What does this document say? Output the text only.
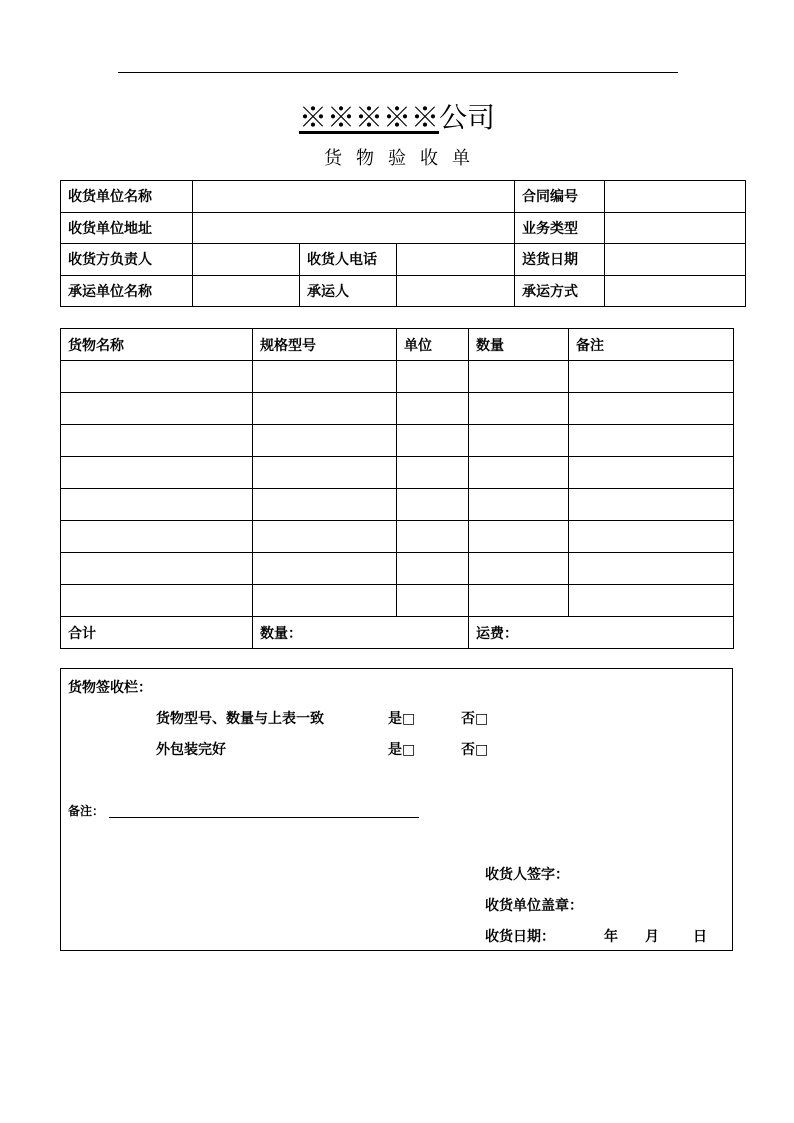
※※※※※公司
货物验收单
收货单位名称				合同编号	
收货单位地址				业务类型	
收货方负责人		收货人电话		送货日期	
承运单位名称		承运人		承运方式	
货物名称	规格型号	单位	数量	备注

合计	数量：		运费：	
货物签收栏：
货物型号、数量与上表一致	是□	否□
外包装完好	是□	否□
备注：
收货人签字：
收货单位盖章：
收货日期：	年 月 日
